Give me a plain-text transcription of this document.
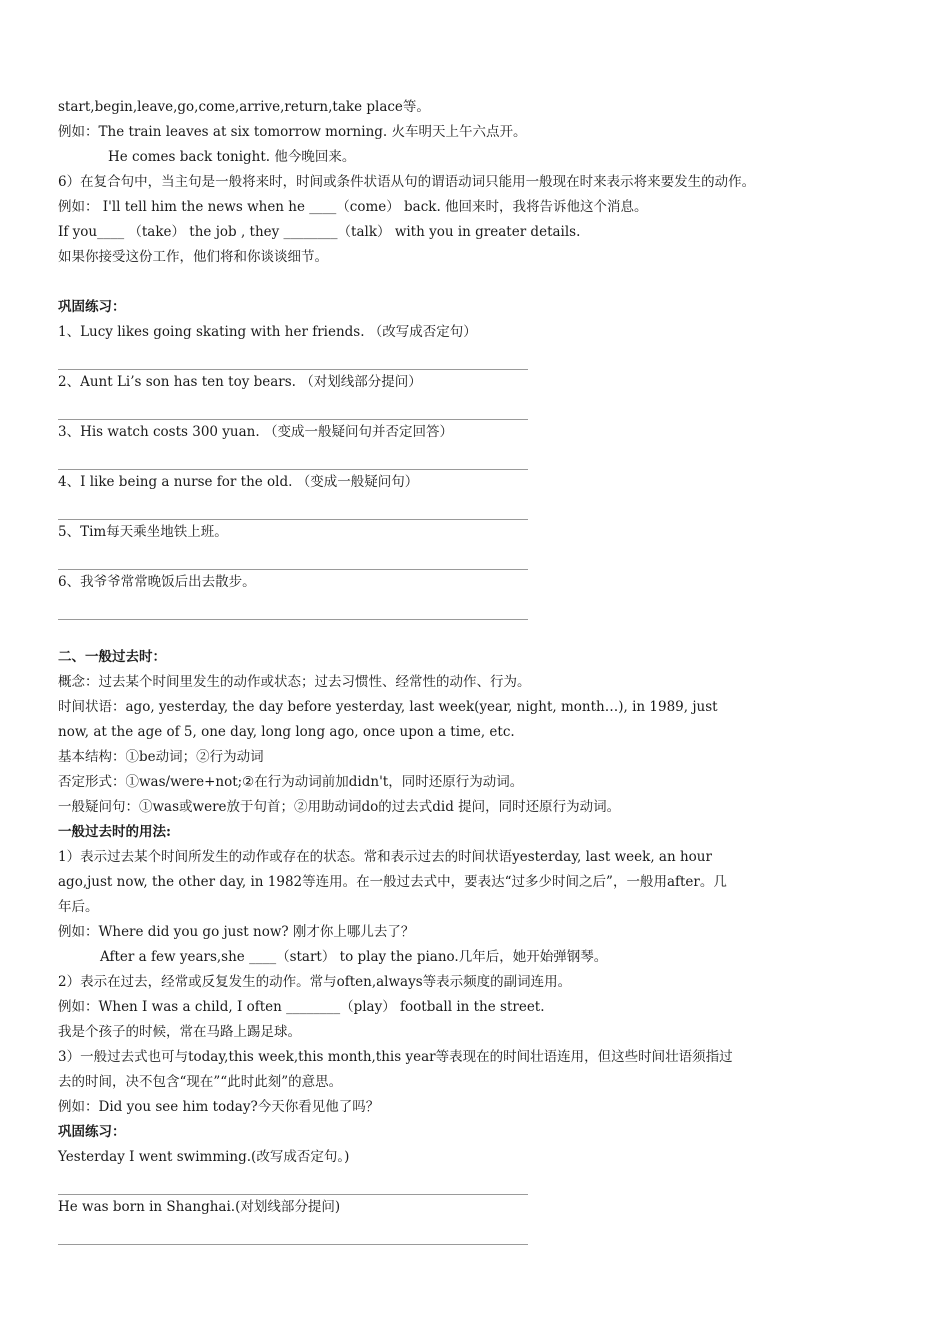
start,begin,leave,go,come,arrive,return,take place等。

例如：The train leaves at six tomorrow morning. 火车明天上午六点开。

He comes back tonight. 他今晚回来。

6）在复合句中，当主句是一般将来时，时间或条件状语从句的谓语动词只能用一般现在时来表示将来要发生的动作。

例如： I'll tell him the news when he ____（come） back. 他回来时，我将告诉他这个消息。

If you____ （take） the job , they ________（talk） with you in greater details.

如果你接受这份工作，他们将和你谈谈细节。

巩固练习：

1、Lucy likes going skating with her friends. （改写成否定句）

2、Aunt Li’s son has ten toy bears. （对划线部分提问）

3、His watch costs 300 yuan. （变成一般疑问句并否定回答）

4、I like being a nurse for the old. （变成一般疑问句）

5、Tim每天乘坐地铁上班。

6、我爷爷常常晚饭后出去散步。

二、一般过去时：

概念：过去某个时间里发生的动作或状态；过去习惯性、经常性的动作、行为。

时间状语：ago, yesterday, the day before yesterday, last week(year, night, month…), in 1989, just

now, at the age of 5, one day, long long ago, once upon a time, etc.

基本结构：①be动词；②行为动词

否定形式：①was/were+not;②在行为动词前加didn't，同时还原行为动词。

一般疑问句：①was或were放于句首；②用助动词do的过去式did 提问，同时还原行为动词。

一般过去时的用法:

1）表示过去某个时间所发生的动作或存在的状态。常和表示过去的时间状语yesterday, last week, an hour

ago,just now, the other day, in 1982等连用。在一般过去式中，要表达“过多少时间之后”，一般用after。几

年后。

例如：Where did you go just now? 刚才你上哪儿去了？

After a few years,she ____（start） to play the piano.几年后，她开始弹钢琴。

2）表示在过去，经常或反复发生的动作。常与often,always等表示频度的副词连用。

例如：When I was a child, I often ________（play） football in the street.

我是个孩子的时候，常在马路上踢足球。

3）一般过去式也可与today,this week,this month,this year等表现在的时间壮语连用，但这些时间壮语须指过

去的时间，决不包含“现在”“此时此刻”的意思。

例如：Did you see him today?今天你看见他了吗？

巩固练习：

Yesterday I went swimming.(改写成否定句。)

He was born in Shanghai.(对划线部分提问)
